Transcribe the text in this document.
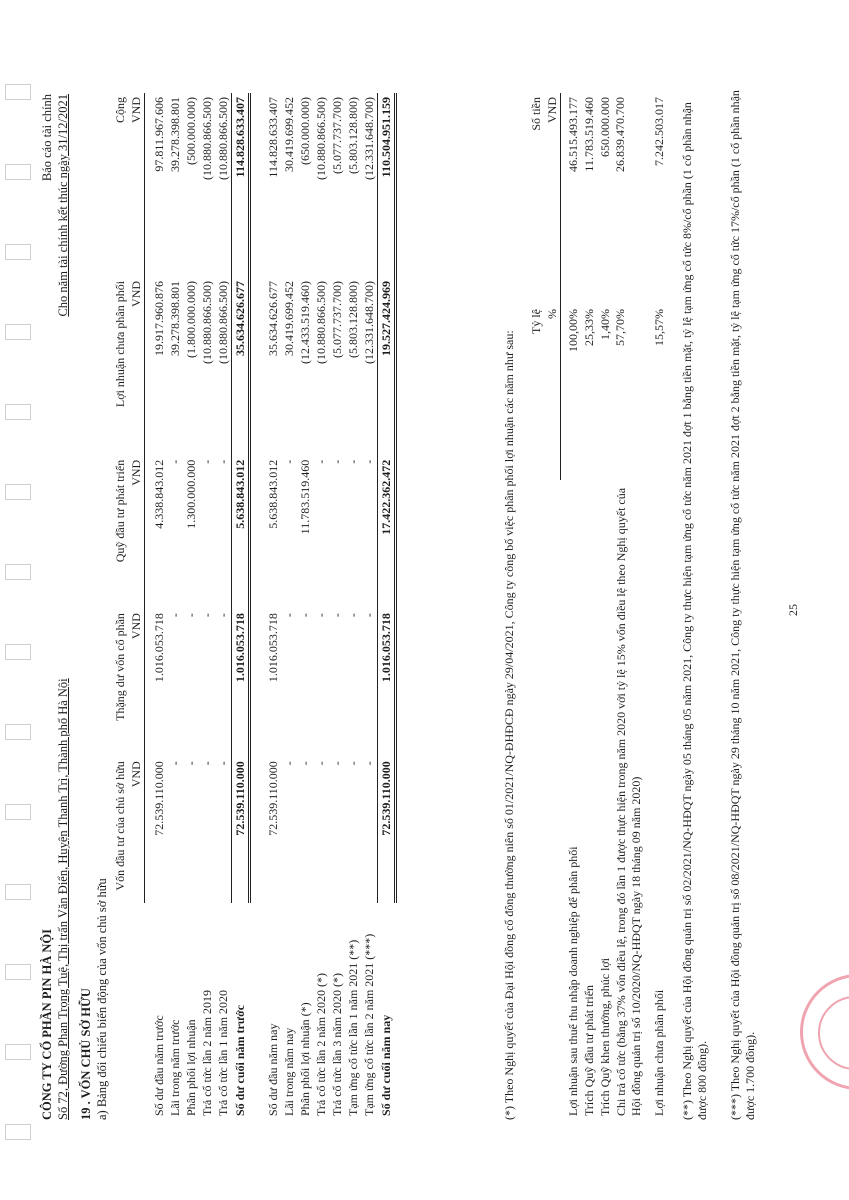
CÔNG TY CỔ PHẦN PIN HÀ NỘI Số 72, Đường Phan Trọng Tuệ, Thị trấn Văn Điển, Huyện Thanh Trì, Thành phố Hà Nội
Báo cáo tài chính Cho năm tài chính kết thúc ngày 31/12/2021
19 . VỐN CHỦ SỞ HỮU a) Bảng đối chiếu biến động của vốn chủ sở hữu
	Vốn đầu tư của chủ sở hữu	Thặng dư vốn cổ phần	Quỹ đầu tư phát triển	Lợi nhuận chưa phân phối	Cộng
	VND	VND	VND	VND	VND

Số dư đầu năm trước	72.539.110.000	1.016.053.718	4.338.843.012	19.917.960.876	97.811.967.606
Lãi trong năm trước	-	-	-	39.278.398.801	39.278.398.801
Phân phối lợi nhuận	-	-	1.300.000.000	(1.800.000.000)	(500.000.000)
Trả cổ tức lần 2 năm 2019	-	-	-	(10.880.866.500)	(10.880.866.500)
Trả cổ tức lần 1 năm 2020	-	-	-	(10.880.866.500)	(10.880.866.500)
Số dư cuối năm trước	72.539.110.000	1.016.053.718	5.638.843.012	35.634.626.677	114.828.633.407

Số dư đầu năm nay	72.539.110.000	1.016.053.718	5.638.843.012	35.634.626.677	114.828.633.407
Lãi trong năm nay	-	-	-	30.419.699.452	30.419.699.452
Phân phối lợi nhuận (*)	-	-	11.783.519.460	(12.433.519.460)	(650.000.000)
Trả cổ tức lần 2 năm 2020 (*)	-	-	-	(10.880.866.500)	(10.880.866.500)
Trả cổ tức lần 3 năm 2020 (*)	-	-	-	(5.077.737.700)	(5.077.737.700)
Tạm ứng cổ tức lần 1 năm 2021 (**)	-	-	-	(5.803.128.800)	(5.803.128.800)
Tạm ứng cổ tức lần 2 năm 2021 (***)	-	-	-	(12.331.648.700)	(12.331.648.700)
Số dư cuối năm nay	72.539.110.000	1.016.053.718	17.422.362.472	19.527.424.969	110.504.951.159
(*) Theo Nghị quyết của Đại Hội đồng cổ đông thường niên số 01/2021/NQ-ĐHĐCĐ ngày 29/04/2021, Công ty công bố việc phân phối lợi nhuận các năm như sau:
	Tỷ lệ	Số tiền
	%	VND

Lợi nhuận sau thuế thu nhập doanh nghiệp để phân phối	100,00%	46.515.493.177
Trích Quỹ đầu tư phát triển	25,33%	11.783.519.460
Trích Quỹ khen thưởng, phúc lợi	1,40%	650.000.000
Chi trả cổ tức (bằng 37% vốn điều lệ, trong đó lần 1 được thực hiện trong năm 2020 với tỷ lệ 15% vốn điều lệ theo Nghị quyết của Hội đồng quản trị số 10/2020/NQ-HĐQT ngày 18 tháng 09 năm 2020)	57,70%	26.839.470.700

Lợi nhuận chưa phân phối	15,57%	7.242.503.017 (**) Theo Nghị quyết của Hội đồng quản trị số 02/2021/NQ-HĐQT ngày 05 tháng 05 năm 2021, Công ty thực hiện tạm ứng cổ tức năm 2021 đợt 1 bằng tiền mặt, tỷ lệ tạm ứng cổ tức 8%/cổ phần (1 cổ phần nhận được 800 đồng). (***) Theo Nghị quyết của Hội đồng quản trị số 08/2021/NQ-HĐQT ngày 29 tháng 10 năm 2021, Công ty thực hiện tạm ứng cổ tức năm 2021 đợt 2 bằng tiền mặt, tỷ lệ tạm ứng cổ tức 17%/cổ phần (1 cổ phần nhận được 1.700 đồng).
25
